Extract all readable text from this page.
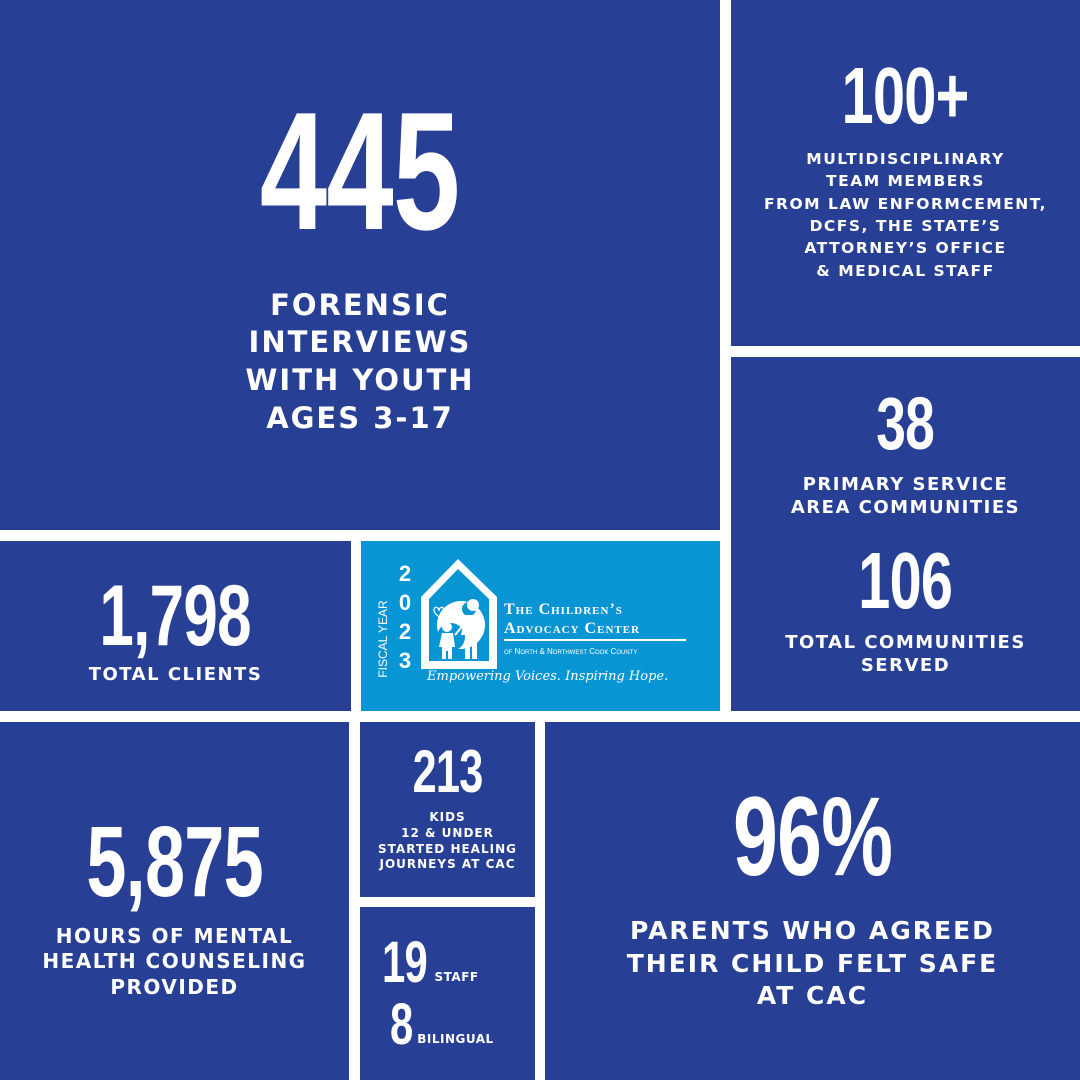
445
FORENSIC
INTERVIEWS
WITH YOUTH
AGES 3-17
100+
MULTIDISCIPLINARY
TEAM MEMBERS
FROM LAW ENFORMCEMENT,
DCFS, THE STATE’S
ATTORNEY’S OFFICE
& MEDICAL STAFF
38
PRIMARY SERVICE
AREA COMMUNITIES
106
TOTAL COMMUNITIES
SERVED
1,798
TOTAL CLIENTS	FISCAL YEAR
2
0
2
3
The Children’s
Advocacy Center
of North & Northwest Cook County
Empowering Voices. Inspiring Hope.
5,875
HOURS OF MENTAL
HEALTH COUNSELING
PROVIDED
213
KIDS
12 & UNDER
STARTED HEALING
JOURNEYS AT CAC
19 STAFF
8 BILINGUAL
96%
PARENTS WHO AGREED
THEIR CHILD FELT SAFE
AT CAC
